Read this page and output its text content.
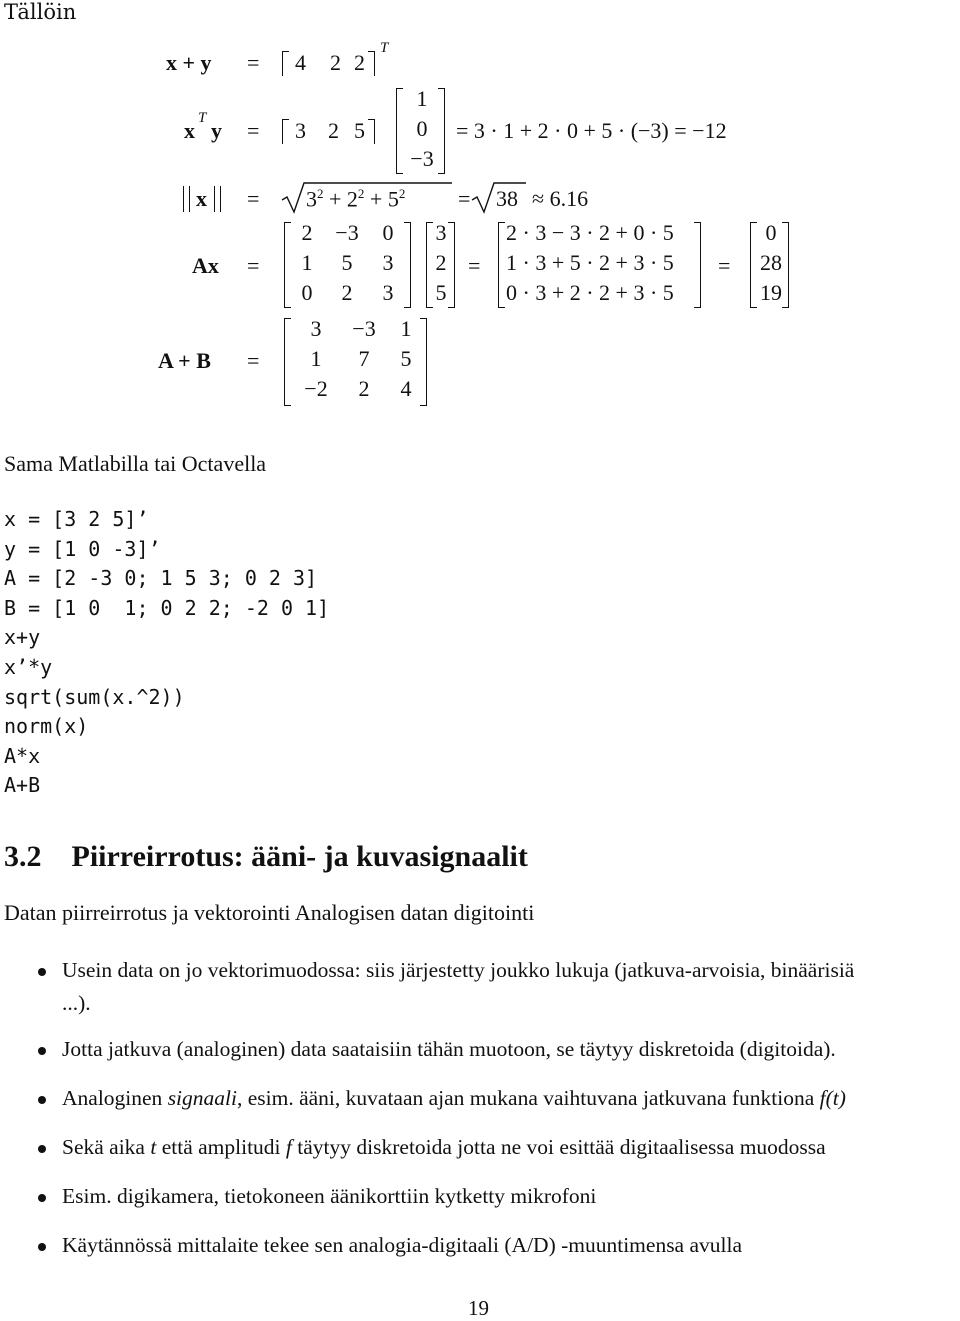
Tällöin
x + y = 4 2 2
T
x T y = 3 2 5
1
0
−3
= 3 · 1 + 2 · 0 + 5 · (−3) = −12
$x = 3^2 + 2^2 + 5^2 = 38 \approx 6.16$
Ax =
2	−3	0
1	5	3
0	2	3
3
2
5
=
2 · 3 − 3 · 2 + 0 · 5
1 · 3 + 5 · 2 + 3 · 5
0 · 3 + 2 · 2 + 3 · 5
=
0
28
19
A + B =
3	−3	1
1	7	5
−2	2	4
Sama Matlabilla tai Octavella
x = [3 2 5]’
y = [1 0 -3]’
A = [2 -3 0; 1 5 3; 0 2 3]
B = [1 0  1; 0 2 2; -2 0 1]
x+y
x’*y
sqrt(sum(x.^2))
norm(x)
A*x
A+B
3.2 Piirreirrotus: ääni- ja kuvasignaalit
Datan piirreirrotus ja vektorointi Analogisen datan digitointi
Usein data on jo vektorimuodossa: siis järjestetty joukko lukuja (jatkuva-arvoisia, binäärisiä
...).
Jotta jatkuva (analoginen) data saataisiin tähän muotoon, se täytyy diskretoida (digitoida).
Analoginen signaali, esim. ääni, kuvataan ajan mukana vaihtuvana jatkuvana funktiona f(t)
Sekä aika t että amplitudi f täytyy diskretoida jotta ne voi esittää digitaalisessa muodossa
Esim. digikamera, tietokoneen äänikorttiin kytketty mikrofoni
Käytännössä mittalaite tekee sen analogia-digitaali (A/D) -muuntimensa avulla
19
